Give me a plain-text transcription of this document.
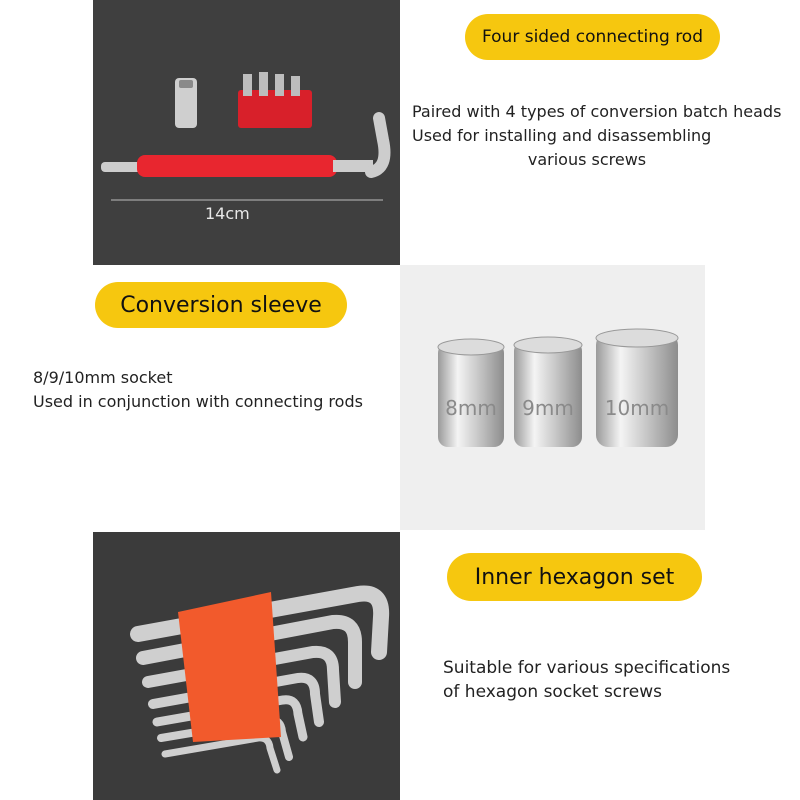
14cm
Four sided connecting rod
Paired with 4 types of conversion batch heads
Used for installing and disassembling
various screws
Conversion sleeve
8/9/10mm socket
Used in conjunction with connecting rods	8mm 9mm 10mm
Inner hexagon set
Suitable for various specifications
of hexagon socket screws
